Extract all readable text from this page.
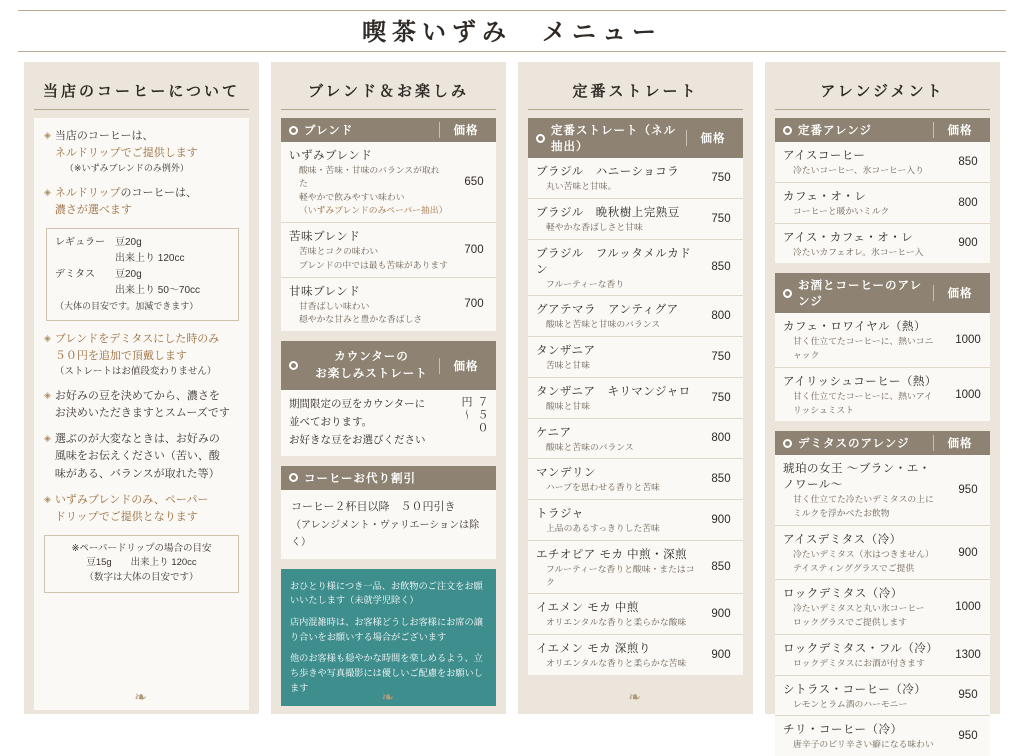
喫茶いずみ　メニュー
当店のコーヒーについて
◈ 当店のコーヒーは、
ネルドリップでご提供します
（※いずみブレンドのみ例外）
◈ ネルドリップのコーヒーは、
濃さが選べます
レギュラー	豆20g
出来上り 120cc
デミタス	豆20g
出来上り 50〜70cc
（大体の目安です。加減できます）
◈ ブレンドをデミタスにした時のみ
５０円を追加で頂戴します
（ストレートはお値段変わりません）
◈ お好みの豆を決めてから、濃さを
お決めいただきますとスムーズです
◈ 選ぶのが大変なときは、お好みの
風味をお伝えください（苦い、酸
味がある、バランスが取れた等）
◈ いずみブレンドのみ、ペーパー
ドリップでご提供となります
※ペーパードリップの場合の目安
豆15g　　出来上り 120cc
（数字は大体の目安です）
❧
ブレンド＆お楽しみ
ブレンド	価格
いずみブレンド
酸味・苦味・甘味のバランスが取れた
軽やかで飲みやすい味わい
（いずみブレンドのみペーパー抽出）
650
苦味ブレンド
苦味とコクの味わい
ブレンドの中では最も苦味があります
700
甘味ブレンド
甘香ばしい味わい
穏やかな甘みと豊かな香ばしさ
700
カウンターの
お楽しみストレート
価格
期間限定の豆をカウンターに
並べております。
お好きな豆をお選びください
７５０円〜
コーヒーお代り割引
コーヒー２杯目以降　５０円引き
（アレンジメント・ヴァリエーションは除く）

おひとり様につき一品、お飲物のご注文をお願いいたします（未就学児除く）

店内混雑時は、お客様どうしお客様にお席の譲り合いをお願いする場合がございます

他のお客様も穏やかな時間を楽しめるよう、立ち歩きや写真撮影には優しいご配慮をお願いします

❧
定番ストレート
定番ストレート（ネル抽出）
価格
ブラジル　ハニーショコラ
丸い苦味と甘味。
750
ブラジル　晩秋樹上完熟豆
軽やかな香ばしさと甘味
750
ブラジル　フルッタメルカドン
フルーティーな香り
850
グアテマラ　アンティグア
酸味と苦味と甘味のバランス
800
タンザニア
苦味と甘味
750
タンザニア　キリマンジャロ
酸味と甘味
750
ケニア
酸味と苦味のバランス
800
マンデリン
ハーブを思わせる香りと苦味
850
トラジャ
上品のあるすっきりした苦味
900
エチオピア モカ 中煎・深煎
フルーティーな香りと酸味・またはコク
850
イエメン モカ 中煎
オリエンタルな香りと柔らかな酸味
900
イエメン モカ 深煎り
オリエンタルな香りと柔らかな苦味
900
❧
アレンジメント
定番アレンジ	価格
アイスコーヒー
冷たいコーヒー、氷コーヒー入り
850
カフェ・オ・レ
コーヒーと暖かいミルク
800
アイス・カフェ・オ・レ
冷たいカフェオレ。氷コーヒー入
900
お酒とコーヒーのアレンジ
価格
カフェ・ロワイヤル（熱）
甘く仕立てたコーヒーに、熱いコニ
ャック
1000
アイリッシュコーヒー（熱）
甘く仕立てたコーヒーに、熱いアイ
リッシュミスト
1000
デミタスのアレンジ	価格
琥珀の女王 〜ブラン・エ・ノワール〜
甘く仕立てた冷たいデミタスの上に
ミルクを浮かべたお飲物
950
アイスデミタス（冷）
冷たいデミタス（氷はつきません）
テイスティンググラスでご提供
900
ロックデミタス（冷）
冷たいデミタスと丸い氷コーヒー
ロックグラスでご提供します
1000
ロックデミタス・フル（冷）
ロックデミタスにお酒が付きます
1300
シトラス・コーヒー（冷）
レモンとラム酒のハーモニー
950
チリ・コーヒー（冷）
唐辛子のピリ辛さい癖になる味わい
950
